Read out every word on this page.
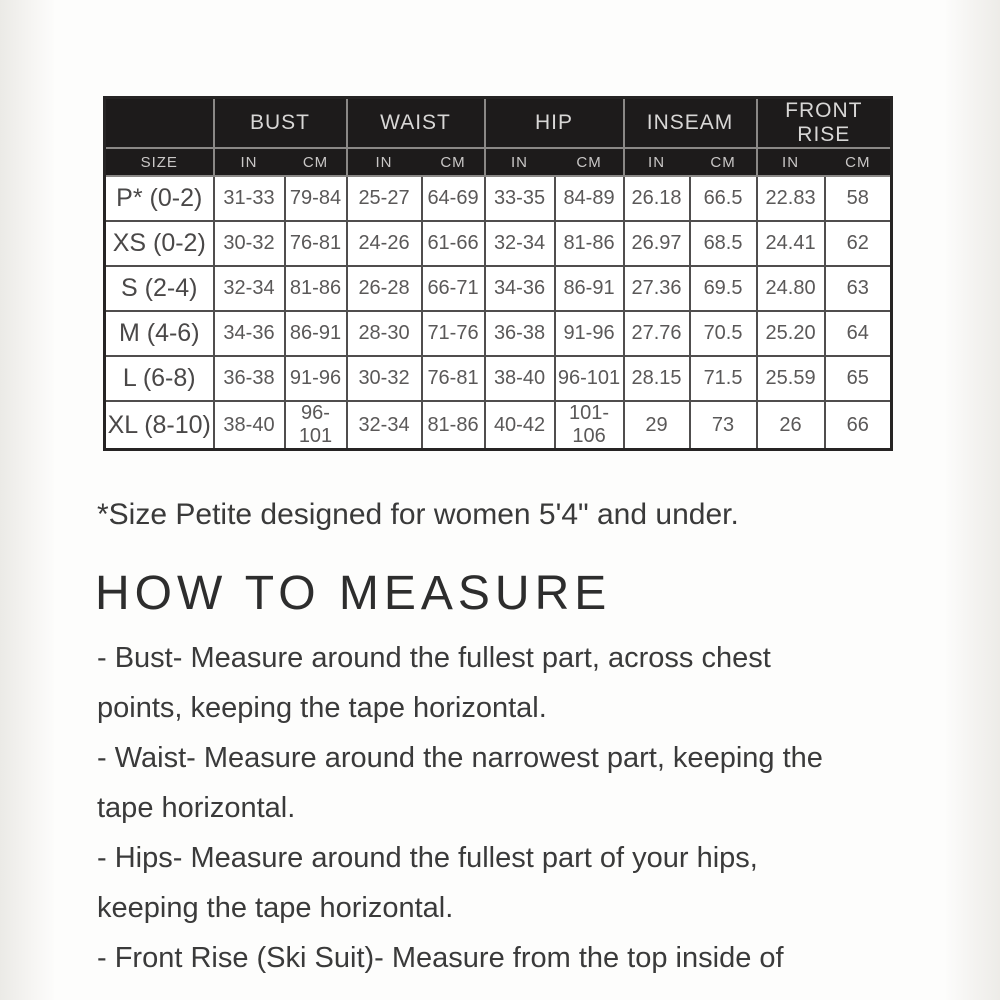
	BUST		WAIST		HIP		INSEAM		FRONT RISE	
SIZE	IN	CM	IN	CM	IN	CM	IN	CM	IN	CM
P* (0-2)	31-33	79-84	25-27	64-69	33-35	84-89	26.18	66.5	22.83	58
XS (0-2)	30-32	76-81	24-26	61-66	32-34	81-86	26.97	68.5	24.41	62
S (2-4)	32-34	81-86	26-28	66-71	34-36	86-91	27.36	69.5	24.80	63
M (4-6)	34-36	86-91	28-30	71-76	36-38	91-96	27.76	70.5	25.20	64
L (6-8)	36-38	91-96	30-32	76-81	38-40	96-101	28.15	71.5	25.59	65
XL (8-10)	38-40	96-101	32-34	81-86	40-42	101-106	29	73	26	66
*Size Petite designed for women 5'4" and under.
HOW TO MEASURE
- Bust- Measure around the fullest part, across chest
points, keeping the tape horizontal.
- Waist- Measure around the narrowest part, keeping the
tape horizontal.
- Hips- Measure around the fullest part of your hips,
keeping the tape horizontal.
- Front Rise (Ski Suit)- Measure from the top inside of
